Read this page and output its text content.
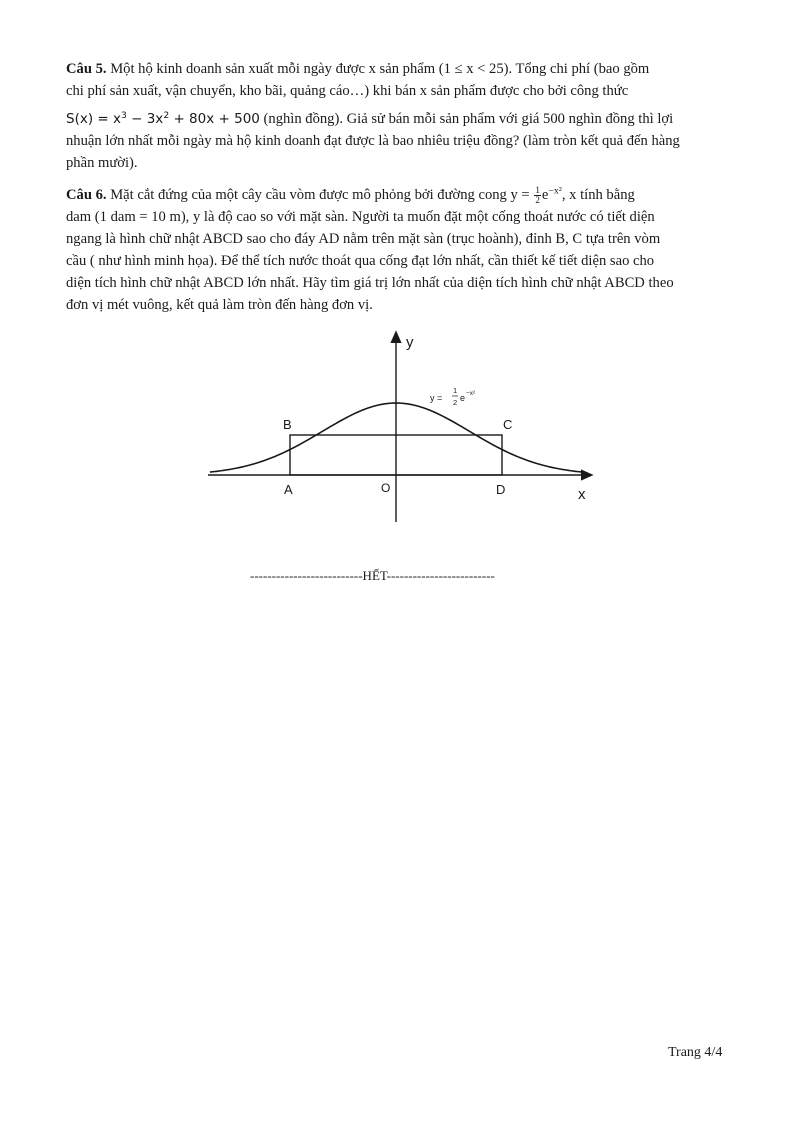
Câu 5. Một hộ kinh doanh sản xuất mỗi ngày được x sản phẩm (1 ≤ x < 25). Tổng chi phí (bao gồm
chi phí sản xuất, vận chuyển, kho bãi, quảng cáo…) khi bán x sản phẩm được cho bởi công thức
$S(x) = x^3 - 3x^2 + 80x + 500$ (nghìn đồng). Giả sử bán mỗi sản phẩm với giá 500 nghìn đồng thì lợi
nhuận lớn nhất mỗi ngày mà hộ kinh doanh đạt được là bao nhiêu triệu đồng? (làm tròn kết quả đến hàng
phần mười).
Câu 6. Mặt cắt đứng của một cây cầu vòm được mô phỏng bởi đường cong $y = \frac{1}{2} e^{-x^2}$, x tính bằng
dam (1 dam = 10 m), y là độ cao so với mặt sàn. Người ta muốn đặt một cống thoát nước có tiết diện
ngang là hình chữ nhật ABCD sao cho đáy AD nằm trên mặt sàn (trục hoành), đỉnh B, C tựa trên vòm
cầu ( như hình minh họa). Để thể tích nước thoát qua cống đạt lớn nhất, cần thiết kế tiết diện sao cho
diện tích hình chữ nhật ABCD lớn nhất. Hãy tìm giá trị lớn nhất của diện tích hình chữ nhật ABCD theo
đơn vị mét vuông, kết quả làm tròn đến hàng đơn vị.
y
x
O
A
B	C
D
y =
1
2 e −x²
--------------------------HẾT-------------------------
Trang 4/4
